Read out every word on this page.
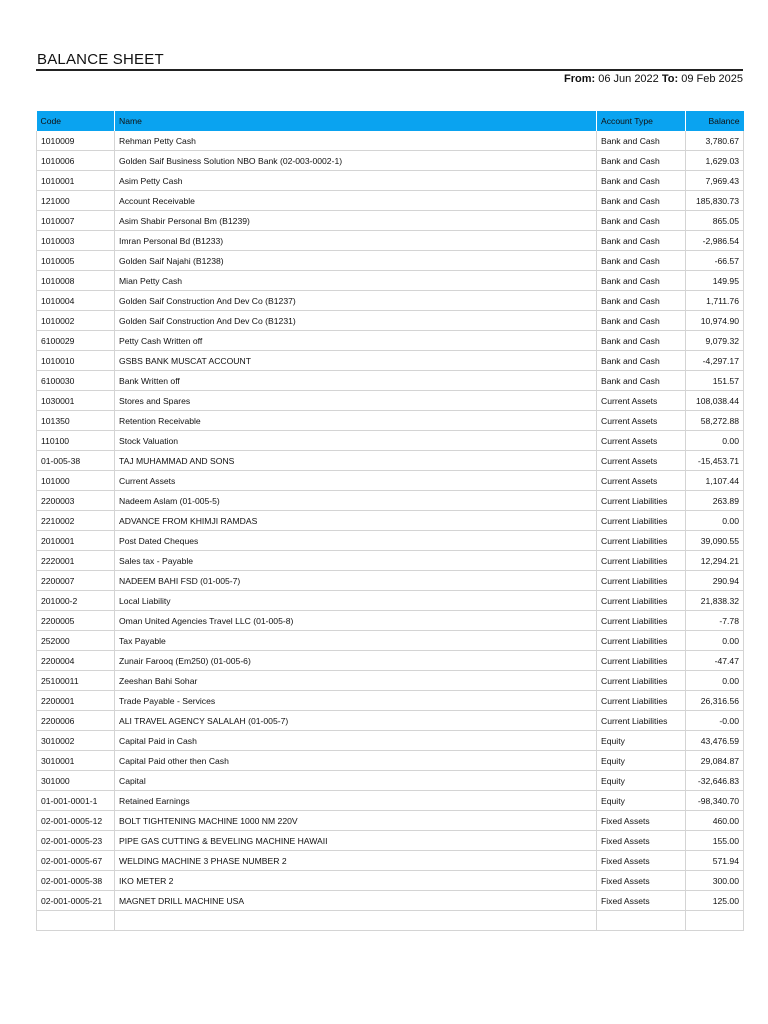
BALANCE SHEET
From: 06 Jun 2022 To: 09 Feb 2025
Code	Name	Account Type	Balance
1010009	Rehman Petty Cash	Bank and Cash	3,780.67
1010006	Golden Saif Business Solution NBO Bank (02-003-0002-1)	Bank and Cash	1,629.03
1010001	Asim Petty Cash	Bank and Cash	7,969.43
121000	Account Receivable	Bank and Cash	185,830.73
1010007	Asim Shabir Personal Bm (B1239)	Bank and Cash	865.05
1010003	Imran Personal Bd (B1233)	Bank and Cash	-2,986.54
1010005	Golden Saif Najahi (B1238)	Bank and Cash	-66.57
1010008	Mian Petty Cash	Bank and Cash	149.95
1010004	Golden Saif Construction And Dev Co (B1237)	Bank and Cash	1,711.76
1010002	Golden Saif Construction And Dev Co (B1231)	Bank and Cash	10,974.90
6100029	Petty Cash Written off	Bank and Cash	9,079.32
1010010	GSBS BANK MUSCAT ACCOUNT	Bank and Cash	-4,297.17
6100030	Bank Written off	Bank and Cash	151.57
1030001	Stores and Spares	Current Assets	108,038.44
101350	Retention Receivable	Current Assets	58,272.88
110100	Stock Valuation	Current Assets	0.00
01-005-38	TAJ MUHAMMAD AND SONS	Current Assets	-15,453.71
101000	Current Assets	Current Assets	1,107.44
2200003	Nadeem Aslam (01-005-5)	Current Liabilities	263.89
2210002	ADVANCE FROM KHIMJI RAMDAS	Current Liabilities	0.00
2010001	Post Dated Cheques	Current Liabilities	39,090.55
2220001	Sales tax - Payable	Current Liabilities	12,294.21
2200007	NADEEM BAHI FSD (01-005-7)	Current Liabilities	290.94
201000-2	Local Liability	Current Liabilities	21,838.32
2200005	Oman United Agencies Travel LLC (01-005-8)	Current Liabilities	-7.78
252000	Tax Payable	Current Liabilities	0.00
2200004	Zunair Farooq (Em250) (01-005-6)	Current Liabilities	-47.47
25100011	Zeeshan Bahi Sohar	Current Liabilities	0.00
2200001	Trade Payable - Services	Current Liabilities	26,316.56
2200006	ALI TRAVEL AGENCY SALALAH (01-005-7)	Current Liabilities	-0.00
3010002	Capital Paid in Cash	Equity	43,476.59
3010001	Capital Paid other then Cash	Equity	29,084.87
301000	Capital	Equity	-32,646.83
01-001-0001-1	Retained Earnings	Equity	-98,340.70
02-001-0005-12	BOLT TIGHTENING MACHINE 1000 NM 220V	Fixed Assets	460.00
02-001-0005-23	PIPE GAS CUTTING & BEVELING MACHINE HAWAII	Fixed Assets	155.00
02-001-0005-67	WELDING MACHINE 3 PHASE NUMBER 2	Fixed Assets	571.94
02-001-0005-38	IKO METER 2	Fixed Assets	300.00
02-001-0005-21	MAGNET DRILL MACHINE USA	Fixed Assets	125.00
